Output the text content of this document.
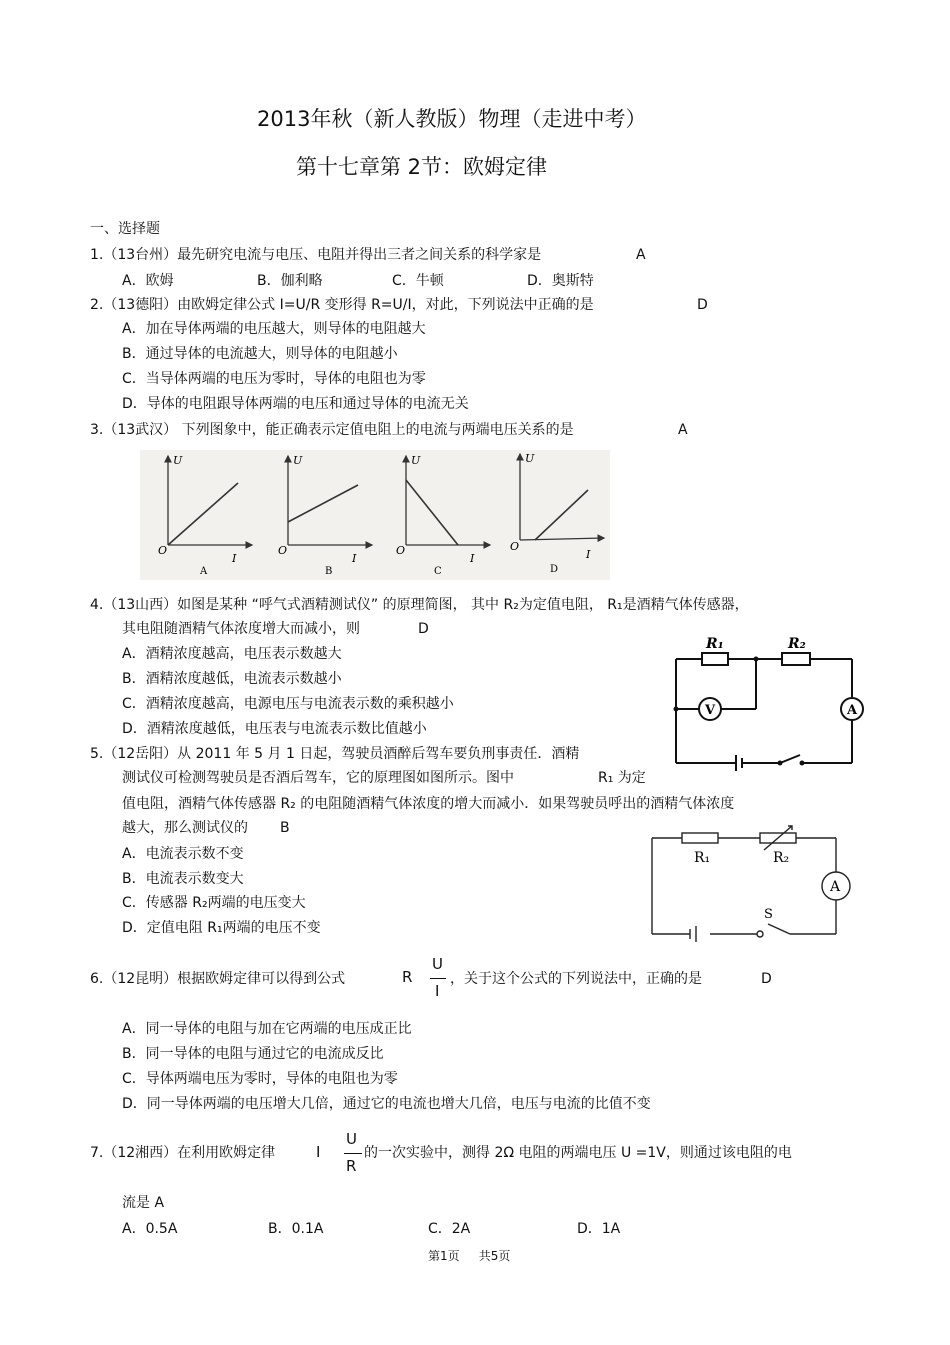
2013年秋（新人教版）物理（走进中考）
第十七章第 2节：欧姆定律
一、选择题
1.（13台州）最先研究电流与电压、电阻并得出三者之间关系的科学家是	A
A．欧姆	B．伽利略	C．牛顿	D．奥斯特
2.（13德阳）由欧姆定律公式 I=U/R 变形得 R=U/I，对此，下列说法中正确的是	D
A．加在导体两端的电压越大，则导体的电阻越大
B．通过导体的电流越大，则导体的电阻越小
C．当导体两端的电压为零时，导体的电阻也为零
D．导体的电阻跟导体两端的电压和通过导体的电流无关
3.（13武汉） 下列图象中，能正确表示定值电阻上的电流与两端电压关系的是	A
U
I
O
A
U
I
O
B
U
I
O
C
U
I
O
D
4.（13山西）如图是某种 “呼气式酒精测试仪” 的原理简图， 其中 R₂为定值电阻， R₁是酒精气体传感器，
其电阻随酒精气体浓度增大而减小，则	D
A．酒精浓度越高，电压表示数越大
B．酒精浓度越低，电流表示数越小
C．酒精浓度越高，电源电压与电流表示数的乘积越小
D．酒精浓度越低，电压表与电流表示数比值越小
R₁	R₂
V	A
5.（12岳阳）从 2011 年 5 月 1 日起，驾驶员酒醉后驾车要负刑事责任．酒精
测试仪可检测驾驶员是否酒后驾车，它的原理图如图所示。图中	R₁ 为定
值电阻，酒精气体传感器 R₂ 的电阻随酒精气体浓度的增大而减小．如果驾驶员呼出的酒精气体浓度
越大，那么测试仪的 B
A．电流表示数不变
B．电流表示数变大
C．传感器 R₂两端的电压变大
D．定值电阻 R₁两端的电压不变
R₁	R₂
A
S
6.（12昆明）根据欧姆定律可以得到公式	R
U
I
，关于这个公式的下列说法中，正确的是	D
A．同一导体的电阻与加在它两端的电压成正比
B．同一导体的电阻与通过它的电流成反比
C．导体两端电压为零时，导体的电阻也为零
D．同一导体两端的电压增大几倍，通过它的电流也增大几倍，电压与电流的比值不变
7.（12湘西）在利用欧姆定律	I
U
R
的一次实验中，测得 2Ω 电阻的两端电压 U =1V，则通过该电阻的电
流是 A
A．0.5A	B．0.1A	C．2A	D．1A
第1页     共5页
